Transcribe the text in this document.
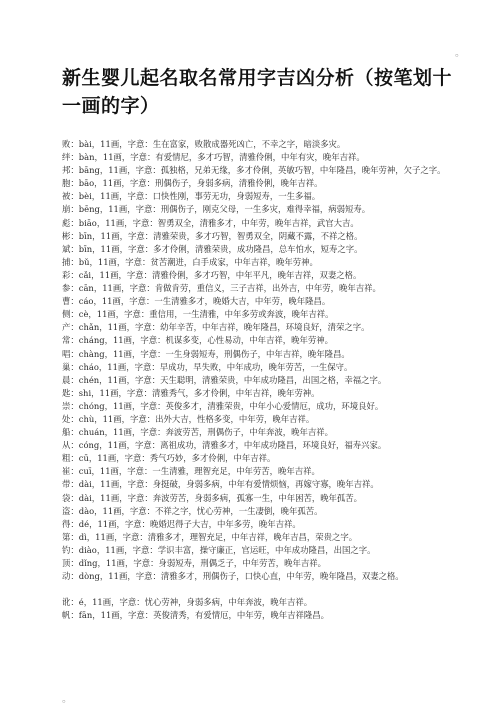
新生婴儿起名取名常用字吉凶分析（按笔划十一画的字）
败：bài，11画，字意：生在富家，败散成器死凶亡，不幸之字，暗淡多灾。
绊：bàn，11画，字意：有爱情尼，多才巧智，清雅伶俐，中年有灾，晚年吉祥。
邦：bāng，11画，字意：孤独格，兄弟无缘，多才伶俐，英敏巧智，中年隆昌，晚年劳神，欠子之字。
胞：bāo，11画，字意：刑偶伤子，身弱多病，清雅伶俐，晚年吉祥。
被：bèi，11画，字意：口快性刚，事劳无功，身弱短寿，一生多福。
崩：bēng，11画，字意：刑偶伤子，刚克父母，一生多灾，难得幸福，病弱短寿。
彪：biāo，11画，字意：智勇双全，清雅多才，中年劳，晚年吉祥，武官大吉。
彬：bīn，11画，字意：清雅荣贵，多才巧智，智勇双全，阴藏不露，不祥之格。
斌：bīn，11画，字意：多才伶俐，清雅荣贵，成功隆昌，总车怕水，短寿之字。
捕：bǔ，11画，字意：贫苦潮进，白手成家，中年吉祥，晚年劳神。
彩：cǎi，11画，字意：清雅伶俐，多才巧智，中年平凡，晚年吉祥，双妻之格。
参：cān，11画，字意：肯做肯劳，重信义，三子吉祥，出外吉，中年劳，晚年吉祥。
曹：cáo，11画，字意：一生清雅多才，晚婚大吉，中年劳，晚年隆昌。
侧：cè，11画，字意：重信用，一生清雅，中年多劳或奔波，晚年吉祥。
产：chǎn，11画，字意：幼年辛苦，中年吉祥，晚年隆昌，环境良好，清荣之字。
常：cháng，11画，字意：机谋多变，心性易动，中年吉祥，晚年劳神。
唱：chàng，11画，字意：一生身弱短寿，刑偶伤子，中年吉祥，晚年隆昌。
巢：cháo，11画，字意：早成功，早失败，中年成功，晚年劳苦，一生保守。
晨：chén，11画，字意：天生聪明，清雅荣贵，中年成功隆昌，出国之格，幸福之字。
匙：shi，11画，字意：清雅秀气，多才伶俐，中年吉祥，晚年劳神。
崇：chóng，11画，字意：英俊多才，清雅荣贵，中年小心爱情厄，成功，环境良好。
处：chù，11画，字意：出外大吉，性格多变，中年劳，晚年吉祥。
船：chuán，11画，字意：奔波劳苦，刑偶伤子，中年奔波，晚年吉祥。
从：cóng，11画，字意：离祖成功，清雅多才，中年成功隆昌，环境良好，福寿兴家。
粗：cū，11画，字意：秀气巧妙，多才伶俐，中年吉祥。
崔：cuī，11画，字意：一生清雅，理智充足，中年劳苦，晚年吉祥。
带：dài，11画，字意：身挺破，身弱多病，中年有爱情烦恼，再嫁守寡，晚年吉祥。
袋：dài，11画，字意：奔波劳苦，身弱多病，孤寡一生，中年困苦，晚年孤苦。
盗：dào，11画，字意：不祥之字，忧心劳神，一生凄倒，晚年孤苦。
得：dé，11画，字意：晚婚迟得子大吉，中年多劳，晚年吉祥。
第：dì，11画，字意：清雅多才，理智充足，中年吉祥，晚年吉昌，荣贵之字。
钓：diào，11画，字意：学识丰富，操守廉正，官运旺，中年成功隆昌，出国之字。
顶：dǐng，11画，字意：身弱短寿，刑偶乏子，中年劳苦，晚年吉祥。
动：dòng，11画，字意：清雅多才，刑偶伤子，口快心直，中年劳，晚年隆昌，双妻之格。
讹：é，11画，字意：忧心劳神，身弱多病，中年奔波，晚年吉祥。
帆：fān，11画，字意：英俊清秀，有爱情厄，中年劳，晚年吉祥隆昌。
。
。
